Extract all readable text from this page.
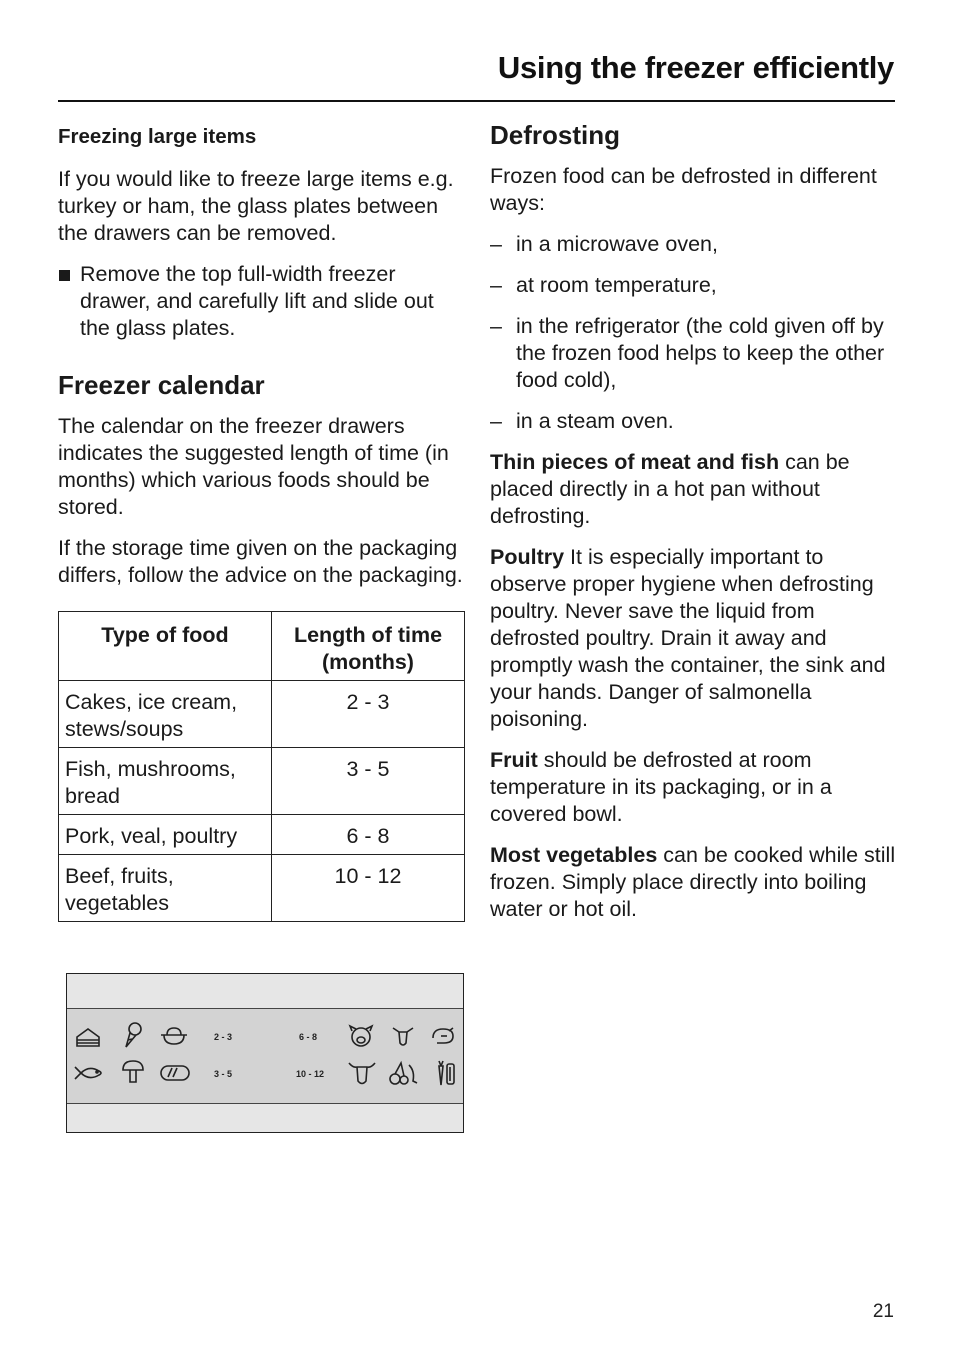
Using the freezer efficiently
Freezing large items

If you would like to freeze large items e.g. turkey or ham, the glass plates between the drawers can be removed.

Remove the top full-width freezer drawer, and carefully lift and slide out the glass plates.
Freezer calendar

The calendar on the freezer drawers indicates the suggested length of time (in months) which various foods should be stored.

If the storage time given on the packaging differs, follow the advice on the packaging.

Type of food	Length of time (months)
Cakes, ice cream, stews/soups	2 - 3
Fish, mushrooms, bread	3 - 5
Pork, veal, poultry	6 - 8
Beef, fruits, vegetables	10 - 12
2 - 3	6 - 8
3 - 5	10 - 12
Defrosting

Frozen food can be defrosted in different ways:

– in a microwave oven,
– at room temperature,
– in the refrigerator (the cold given off by the frozen food helps to keep the other food cold),
– in a steam oven.

Thin pieces of meat and fish can be placed directly in a hot pan without defrosting.

Poultry It is especially important to observe proper hygiene when defrosting poultry. Never save the liquid from defrosted poultry. Drain it away and promptly wash the container, the sink and your hands. Danger of salmonella poisoning.

Fruit should be defrosted at room temperature in its packaging, or in a covered bowl.

Most vegetables can be cooked while still frozen. Simply place directly into boiling water or hot oil.

21
